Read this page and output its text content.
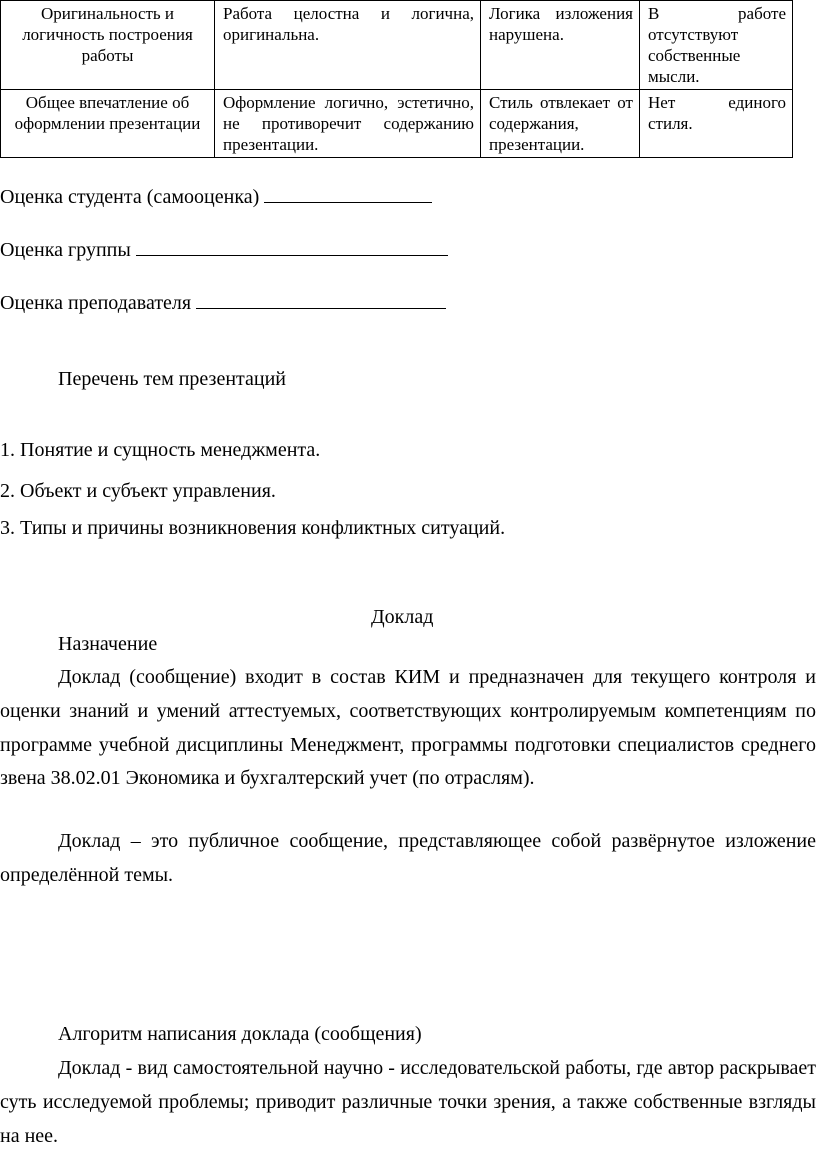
Оригинальность и логичность построения работы	Работа целостна и логична, оригинальна.	Логика изложения нарушена.	В работе отсутствуют собственные мысли.
Общее впечатление об оформлении презентации	Оформление логично, эстетично, не противоречит содержанию презентации.	Стиль отвлекает от содержания, презентации.	Нет единого стиля.
Оценка студента (самооценка)
Оценка группы
Оценка преподавателя
Перечень тем презентаций
1. Понятие и сущность менеджмента.
2. Объект и субъект управления.
3. Типы и причины возникновения конфликтных ситуаций.
Доклад
Назначение
Доклад (сообщение) входит в состав КИМ и предназначен для текущего контроля и оценки знаний и умений аттестуемых, соответствующих контролируемым компетенциям по программе учебной дисциплины Менеджмент, программы подготовки специалистов среднего звена 38.02.01 Экономика и бухгалтерский учет (по отраслям).
Доклад – это публичное сообщение, представляющее собой развёрнутое изложение определённой темы.
Алгоритм написания доклада (сообщения)
Доклад - вид самостоятельной научно - исследовательской работы, где автор раскрывает суть исследуемой проблемы; приводит различные точки зрения, а также собственные взгляды на нее.
